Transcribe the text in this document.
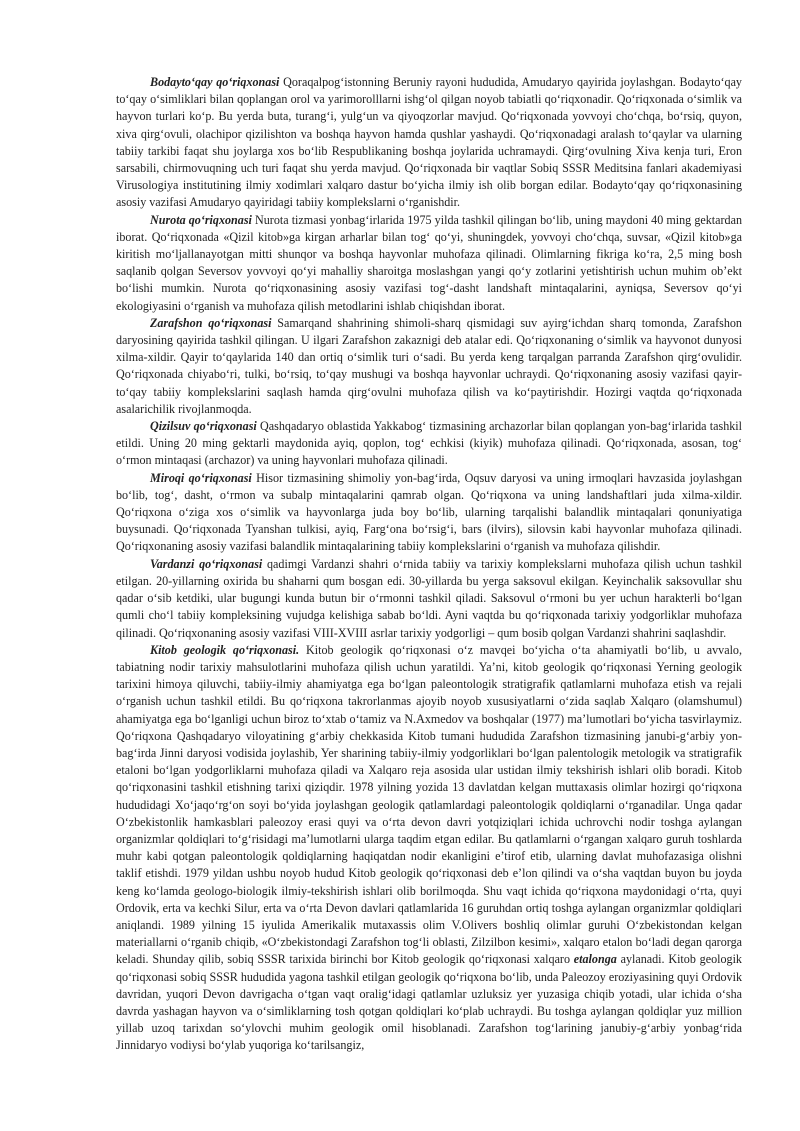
Bodayto‘qay qo‘riqxonasi Qoraqalpog‘istonning Beruniy rayoni hududida, Amudaryo qayirida joylashgan. Bodayto‘qay to‘qay o‘simliklari bilan qoplangan orol va yarimorolllarni ishg‘ol qilgan noyob tabiatli qo‘riqxonadir. Qo‘riqxonada o‘simlik va hayvon turlari ko‘p. Bu yerda buta, turang‘i, yulg‘un va qiyoqzorlar mavjud. Qo‘riqxonada yovvoyi cho‘chqa, bo‘rsiq, quyon, xiva qirg‘ovuli, olachipor qizilishton va boshqa hayvon hamda qushlar yashaydi. Qo‘riqxonadagi aralash to‘qaylar va ularning tabiiy tarkibi faqat shu joylarga xos bo‘lib Respublikaning boshqa joylarida uchramaydi. Qirg‘ovulning Xiva kenja turi, Eron sarsabili, chirmovuqning uch turi faqat shu yerda mavjud. Qo‘riqxonada bir vaqtlar Sobiq SSSR Meditsina fanlari akademiyasi Virusologiya institutining ilmiy xodimlari xalqaro dastur bo‘yicha ilmiy ish olib borgan edilar. Bodayto‘qay qo‘riqxonasining asosiy vazifasi Amudaryo qayiridagi tabiiy komplekslarni o‘rganishdir.

Nurota qo‘riqxonasi Nurota tizmasi yonbag‘irlarida 1975 yilda tashkil qilingan bo‘lib, uning maydoni 40 ming gektardan iborat. Qo‘riqxonada «Qizil kitob»ga kirgan arharlar bilan tog‘ qo‘yi, shuningdek, yovvoyi cho‘chqa, suvsar, «Qizil kitob»ga kiritish mo‘ljallanayotgan mitti shunqor va boshqa hayvonlar muhofaza qilinadi. Olimlarning fikriga ko‘ra, 2,5 ming bosh saqlanib qolgan Seversov yovvoyi qo‘yi mahalliy sharoitga moslashgan yangi qo‘y zotlarini yetishtirish uchun muhim ob’ekt bo‘lishi mumkin. Nurota qo‘riqxonasining asosiy vazifasi tog‘-dasht landshaft mintaqalarini, ayniqsa, Seversov qo‘yi ekologiyasini o‘rganish va muhofaza qilish metodlarini ishlab chiqishdan iborat.

Zarafshon qo‘riqxonasi Samarqand shahrining shimoli-sharq qismidagi suv ayirg‘ichdan sharq tomonda, Zarafshon daryosining qayirida tashkil qilingan. U ilgari Zarafshon zakaznigi deb atalar edi. Qo‘riqxonaning o‘simlik va hayvonot dunyosi xilma-xildir. Qayir to‘qaylarida 140 dan ortiq o‘simlik turi o‘sadi. Bu yerda keng tarqalgan parranda Zarafshon qirg‘ovulidir. Qo‘riqxonada chiyabo‘ri, tulki, bo‘rsiq, to‘qay mushugi va boshqa hayvonlar uchraydi. Qo‘riqxonaning asosiy vazifasi qayir-to‘qay tabiiy komplekslarini saqlash hamda qirg‘ovulni muhofaza qilish va ko‘paytirishdir. Hozirgi vaqtda qo‘riqxonada asalarichilik rivojlanmoqda.

Qizilsuv qo‘riqxonasi Qashqadaryo oblastida Yakkabog‘ tizmasining archazorlar bilan qoplangan yon-bag‘irlarida tashkil etildi. Uning 20 ming gektarli maydonida ayiq, qoplon, tog‘ echkisi (kiyik) muhofaza qilinadi. Qo‘riqxonada, asosan, tog‘ o‘rmon mintaqasi (archazor) va uning hayvonlari muhofaza qilinadi.

Miroqi qo‘riqxonasi Hisor tizmasining shimoliy yon-bag‘irda, Oqsuv daryosi va uning irmoqlari havzasida joylashgan bo‘lib, tog‘, dasht, o‘rmon va subalp mintaqalarini qamrab olgan. Qo‘riqxona va uning landshaftlari juda xilma-xildir. Qo‘riqxona o‘ziga xos o‘simlik va hayvonlarga juda boy bo‘lib, ularning tarqalishi balandlik mintaqalari qonuniyatiga buysunadi. Qo‘riqxonada Tyanshan tulkisi, ayiq, Farg‘ona bo‘rsig‘i, bars (ilvirs), silovsin kabi hayvonlar muhofaza qilinadi. Qo‘riqxonaning asosiy vazifasi balandlik mintaqalarining tabiiy komplekslarini o‘rganish va muhofaza qilishdir.

Vardanzi qo‘riqxonasi qadimgi Vardanzi shahri o‘rnida tabiiy va tarixiy komplekslarni muhofaza qilish uchun tashkil etilgan. 20-yillarning oxirida bu shaharni qum bosgan edi. 30-yillarda bu yerga saksovul ekilgan. Keyinchalik saksovullar shu qadar o‘sib ketdiki, ular bugungi kunda butun bir o‘rmonni tashkil qiladi. Saksovul o‘rmoni bu yer uchun harakterli bo‘lgan qumli cho‘l tabiiy kompleksining vujudga kelishiga sabab bo‘ldi. Ayni vaqtda bu qo‘riqxonada tarixiy yodgorliklar muhofaza qilinadi. Qo‘riqxonaning asosiy vazifasi VIII-XVIII asrlar tarixiy yodgorligi – qum bosib qolgan Vardanzi shahrini saqlashdir.

Kitob geologik qo‘riqxonasi. Kitob geologik qo‘riqxonasi o‘z mavqei bo‘yicha o‘ta ahamiyatli bo‘lib, u avvalo, tabiatning nodir tarixiy mahsulotlarini muhofaza qilish uchun yaratildi. Ya’ni, kitob geologik qo‘riqxonasi Yerning geologik tarixini himoya qiluvchi, tabiiy-ilmiy ahamiyatga ega bo‘lgan paleontologik stratigrafik qatlamlarni muhofaza etish va rejali o‘rganish uchun tashkil etildi. Bu qo‘riqxona takrorlanmas ajoyib noyob xususiyatlarni o‘zida saqlab Xalqaro (olamshumul) ahamiyatga ega bo‘lganligi uchun biroz to‘xtab o‘tamiz va N.Axmedov va boshqalar (1977) ma’lumotlari bo‘yicha tasvirlaymiz. Qo‘riqxona Qashqadaryo viloyatining g‘arbiy chekkasida Kitob tumani hududida Zarafshon tizmasining janubi-g‘arbiy yon-bag‘irda Jinni daryosi vodisida joylashib, Yer sharining tabiiy-ilmiy yodgorliklari bo‘lgan palentologik metologik va stratigrafik etaloni bo‘lgan yodgorliklarni muhofaza qiladi va Xalqaro reja asosida ular ustidan ilmiy tekshirish ishlari olib boradi. Kitob qo‘riqxonasini tashkil etishning tarixi qiziqdir. 1978 yilning yozida 13 davlatdan kelgan muttaxasis olimlar hozirgi qo‘riqxona hududidagi Xo‘jaqo‘rg‘on soyi bo‘yida joylashgan geologik qatlamlardagi paleontologik qoldiqlarni o‘rganadilar. Unga qadar O‘zbekistonlik hamkasblari paleozoy erasi quyi va o‘rta devon davri yotqiziqlari ichida uchrovchi nodir toshga aylangan organizmlar qoldiqlari to‘g‘risidagi ma’lumotlarni ularga taqdim etgan edilar. Bu qatlamlarni o‘rgangan xalqaro guruh toshlarda muhr kabi qotgan paleontologik qoldiqlarning haqiqatdan nodir ekanligini e’tirof etib, ularning davlat muhofazasiga olishni taklif etishdi. 1979 yildan ushbu noyob hudud Kitob geologik qo‘riqxonasi deb e’lon qilindi va o‘sha vaqtdan buyon bu joyda keng ko‘lamda geologo-biologik ilmiy-tekshirish ishlari olib borilmoqda. Shu vaqt ichida qo‘riqxona maydonidagi o‘rta, quyi Ordovik, erta va kechki Silur, erta va o‘rta Devon davlari qatlamlarida 16 guruhdan ortiq toshga aylangan organizmlar qoldiqlari aniqlandi. 1989 yilning 15 iyulida Amerikalik mutaxassis olim V.Olivers boshliq olimlar guruhi O‘zbekistondan kelgan materiallarni o‘rganib chiqib, «O‘zbekistondagi Zarafshon tog‘li oblasti, Zilzilbon kesimi», xalqaro etalon bo‘ladi degan qarorga keladi. Shunday qilib, sobiq SSSR tarixida birinchi bor Kitob geologik qo‘riqxonasi xalqaro etalonga aylanadi. Kitob geologik qo‘riqxonasi sobiq SSSR hududida yagona tashkil etilgan geologik qo‘riqxona bo‘lib, unda Paleozoy eroziyasining quyi Ordovik davridan, yuqori Devon davrigacha o‘tgan vaqt oralig‘idagi qatlamlar uzluksiz yer yuzasiga chiqib yotadi, ular ichida o‘sha davrda yashagan hayvon va o‘simliklarning tosh qotgan qoldiqlari ko‘plab uchraydi. Bu toshga aylangan qoldiqlar yuz million yillab uzoq tarixdan so‘ylovchi muhim geologik omil hisoblanadi. Zarafshon tog‘larining janubiy-g‘arbiy yonbag‘rida Jinnidaryo vodiysi bo‘ylab yuqoriga ko‘tarilsangiz,
